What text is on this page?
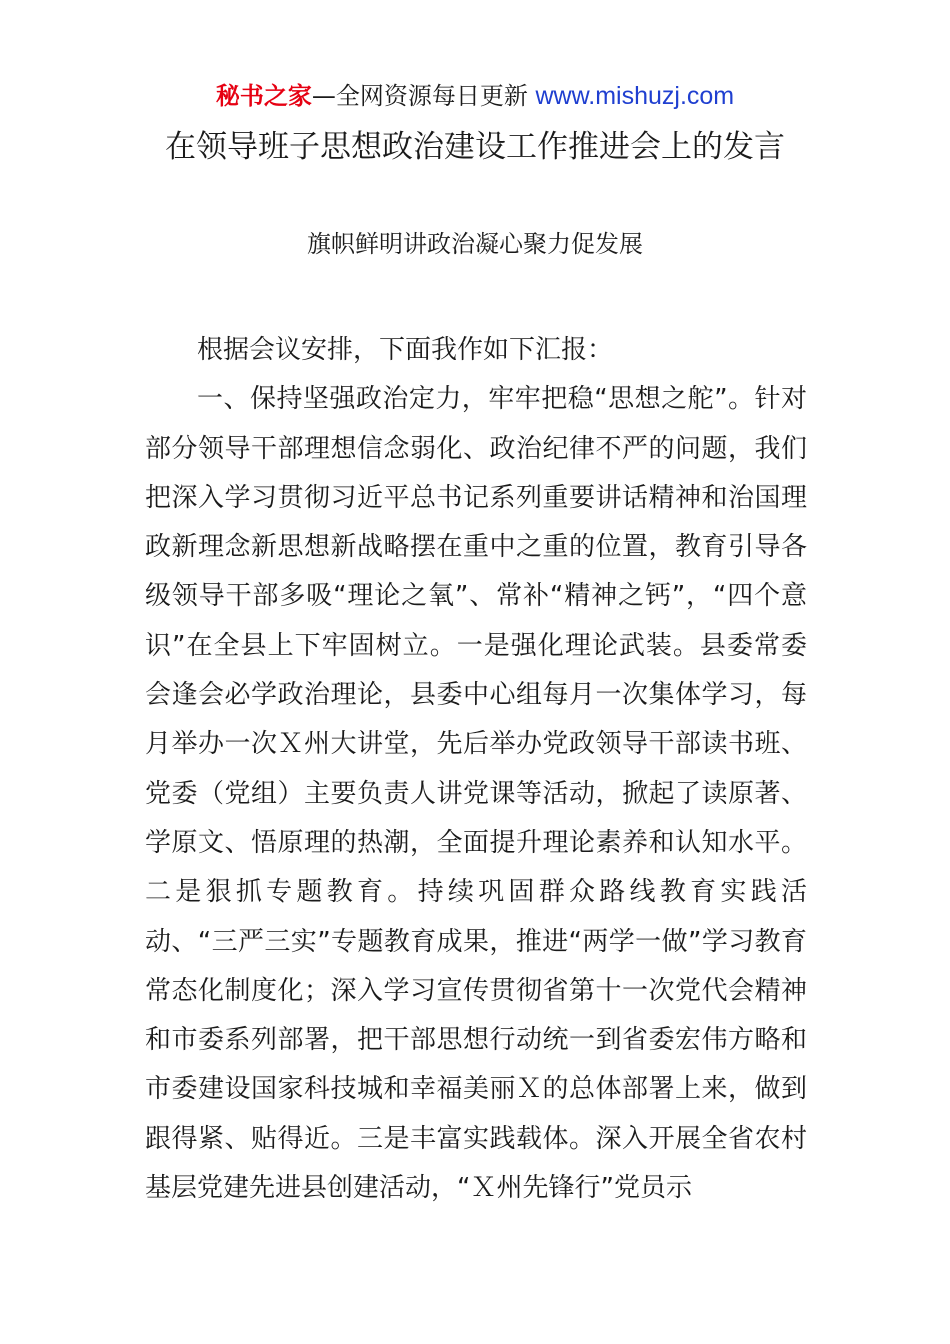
秘书之家—全网资源每日更新 www.mishuzj.com
在领导班子思想政治建设工作推进会上的发言
旗帜鲜明讲政治凝心聚力促发展

根据会议安排，下面我作如下汇报：

一、保持坚强政治定力，牢牢把稳“思想之舵”。针对部分领导干部理想信念弱化、政治纪律不严的问题，我们把深入学习贯彻习近平总书记系列重要讲话精神和治国理政新理念新思想新战略摆在重中之重的位置，教育引导各级领导干部多吸“理论之氧”、常补“精神之钙”，“四个意识”在全县上下牢固树立。一是强化理论武装。县委常委会逢会必学政治理论，县委中心组每月一次集体学习，每月举办一次Ｘ州大讲堂，先后举办党政领导干部读书班、党委（党组）主要负责人讲党课等活动，掀起了读原著、学原文、悟原理的热潮，全面提升理论素养和认知水平。二是狠抓专题教育。持续巩固群众路线教育实践活动、“三严三实”专题教育成果，推进“两学一做”学习教育常态化制度化；深入学习宣传贯彻省第十一次党代会精神和市委系列部署，把干部思想行动统一到省委宏伟方略和市委建设国家科技城和幸福美丽Ｘ的总体部署上来，做到跟得紧、贴得近。三是丰富实践载体。深入开展全省农村基层党建先进县创建活动，“Ｘ州先锋行”党员示
